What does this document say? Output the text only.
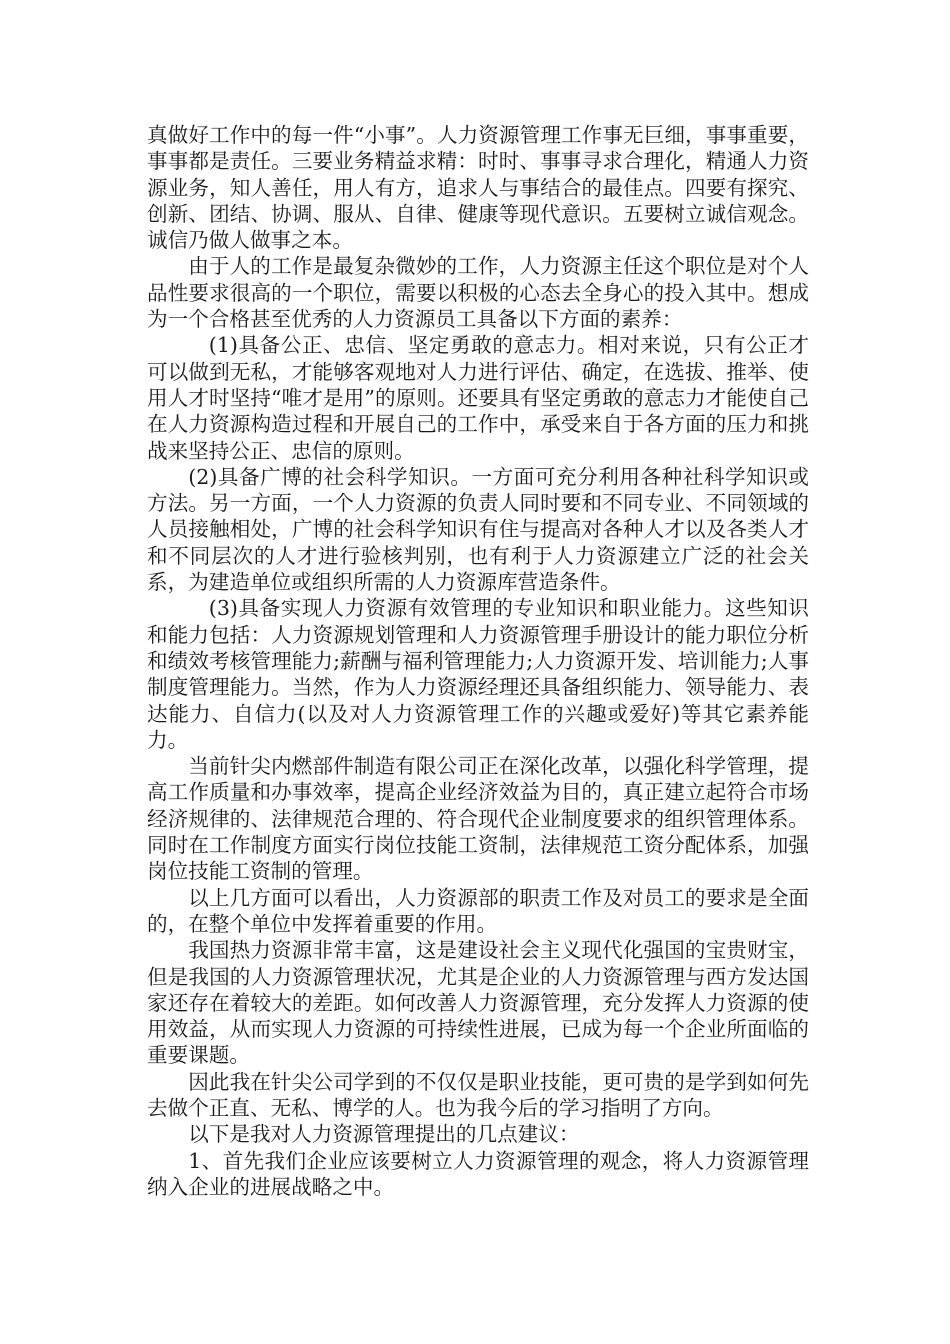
真做好工作中的每一件“小事”。人力资源管理工作事无巨细，事事重要，事事都是责任。三要业务精益求精：时时、事事寻求合理化，精通人力资源业务，知人善任，用人有方，追求人与事结合的最佳点。四要有探究、创新、团结、协调、服从、自律、健康等现代意识。五要树立诚信观念。诚信乃做人做事之本。

由于人的工作是最复杂微妙的工作，人力资源主任这个职位是对个人品性要求很高的一个职位，需要以积极的心态去全身心的投入其中。想成为一个合格甚至优秀的人力资源员工具备以下方面的素养：

(1)具备公正、忠信、坚定勇敢的意志力。相对来说，只有公正才可以做到无私，才能够客观地对人力进行评估、确定，在选拔、推举、使用人才时坚持“唯才是用”的原则。还要具有坚定勇敢的意志力才能使自己在人力资源构造过程和开展自己的工作中，承受来自于各方面的压力和挑战来坚持公正、忠信的原则。

(2)具备广博的社会科学知识。一方面可充分利用各种社科学知识或方法。另一方面，一个人力资源的负责人同时要和不同专业、不同领域的人员接触相处，广博的社会科学知识有住与提高对各种人才以及各类人才和不同层次的人才进行验核判别，也有利于人力资源建立广泛的社会关系，为建造单位或组织所需的人力资源库营造条件。

(3)具备实现人力资源有效管理的专业知识和职业能力。这些知识和能力包括：人力资源规划管理和人力资源管理手册设计的能力职位分析和绩效考核管理能力;薪酬与福利管理能力;人力资源开发、培训能力;人事制度管理能力。当然，作为人力资源经理还具备组织能力、领导能力、表达能力、自信力(以及对人力资源管理工作的兴趣或爱好)等其它素养能力。

当前针尖内燃部件制造有限公司正在深化改革，以强化科学管理，提高工作质量和办事效率，提高企业经济效益为目的，真正建立起符合市场经济规律的、法律规范合理的、符合现代企业制度要求的组织管理体系。同时在工作制度方面实行岗位技能工资制，法律规范工资分配体系，加强岗位技能工资制的管理。

以上几方面可以看出，人力资源部的职责工作及对员工的要求是全面的，在整个单位中发挥着重要的作用。

我国热力资源非常丰富，这是建设社会主义现代化强国的宝贵财宝，但是我国的人力资源管理状况，尤其是企业的人力资源管理与西方发达国家还存在着较大的差距。如何改善人力资源管理，充分发挥人力资源的使用效益，从而实现人力资源的可持续性进展，已成为每一个企业所面临的重要课题。

因此我在针尖公司学到的不仅仅是职业技能，更可贵的是学到如何先去做个正直、无私、博学的人。也为我今后的学习指明了方向。

以下是我对人力资源管理提出的几点建议：

1、首先我们企业应该要树立人力资源管理的观念，将人力资源管理纳入企业的进展战略之中。
